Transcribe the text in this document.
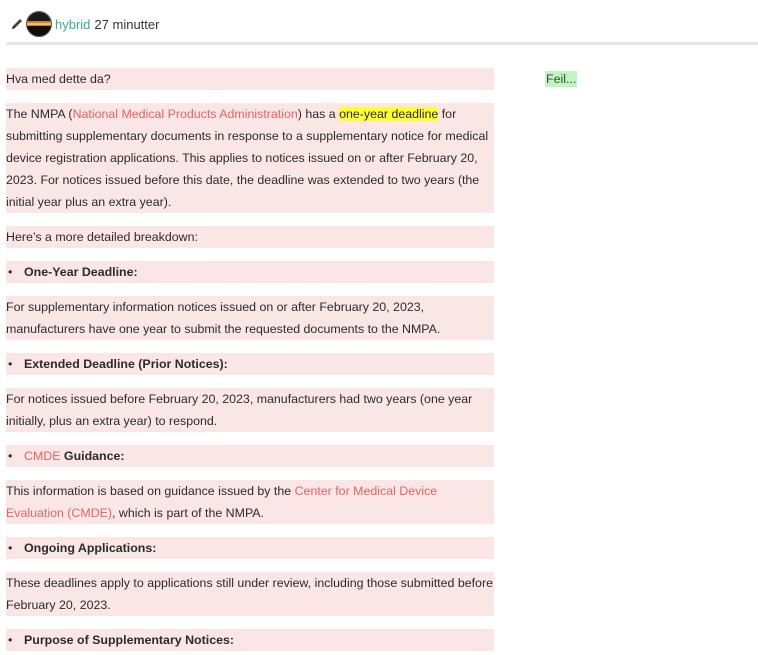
hybrid 27 minutter
Feil...

Hva med dette da?

The NMPA (National Medical Products Administration) has a one-year deadline for submitting supplementary documents in response to a supplementary notice for medical device registration applications. This applies to notices issued on or after February 20, 2023. For notices issued before this date, the deadline was extended to two years (the initial year plus an extra year).

Here’s a more detailed breakdown:

• One-Year Deadline:

For supplementary information notices issued on or after February 20, 2023, manufacturers have one year to submit the requested documents to the NMPA.

• Extended Deadline (Prior Notices):

For notices issued before February 20, 2023, manufacturers had two years (one year initially, plus an extra year) to respond.

• CMDE Guidance:

This information is based on guidance issued by the Center for Medical Device Evaluation (CMDE), which is part of the NMPA.

• Ongoing Applications:

These deadlines apply to applications still under review, including those submitted before February 20, 2023.

• Purpose of Supplementary Notices:
